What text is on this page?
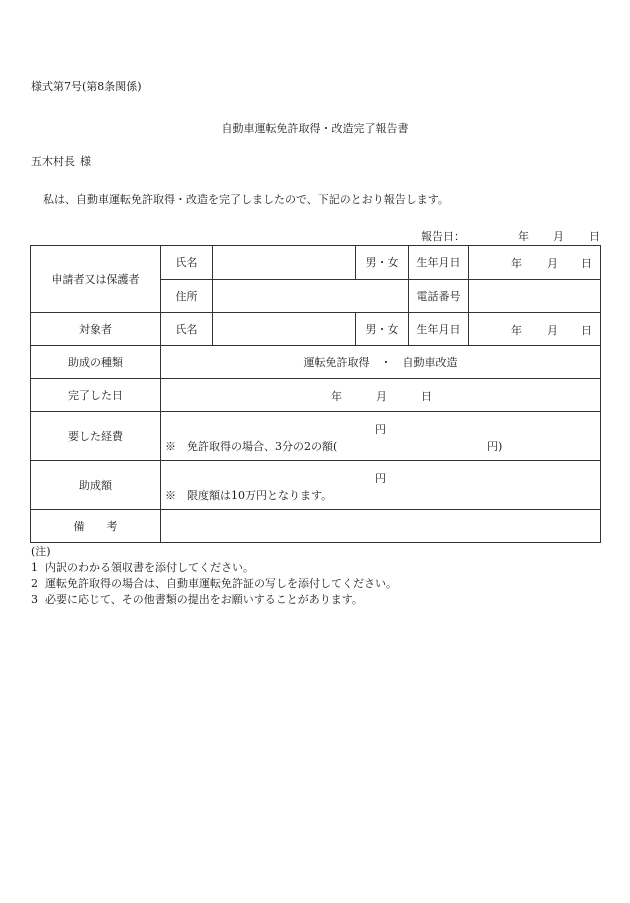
様式第7号(第8条関係)
自動車運転免許取得・改造完了報告書
五木村長 様
私は、自動車運転免許取得・改造を完了しましたので、下記のとおり報告します。
報告日：	年 月 日
申請者又は保護者	氏名		男・女	生年月日	年 月 日

	住所			電話番号	
対象者	氏名		男・女	生年月日	年 月 日

助成の種類	運転免許取得　・　自動車改造				
完了した日	年 月 日				

要した経費	円
※　免許取得の場合、3分の2の額( 円)				

助成額	円
※　限度額は10万円となります。				

備　　考					
(注)
1 内訳のわかる領収書を添付してください。
2 運転免許取得の場合は、自動車運転免許証の写しを添付してください。
3 必要に応じて、その他書類の提出をお願いすることがあります。
